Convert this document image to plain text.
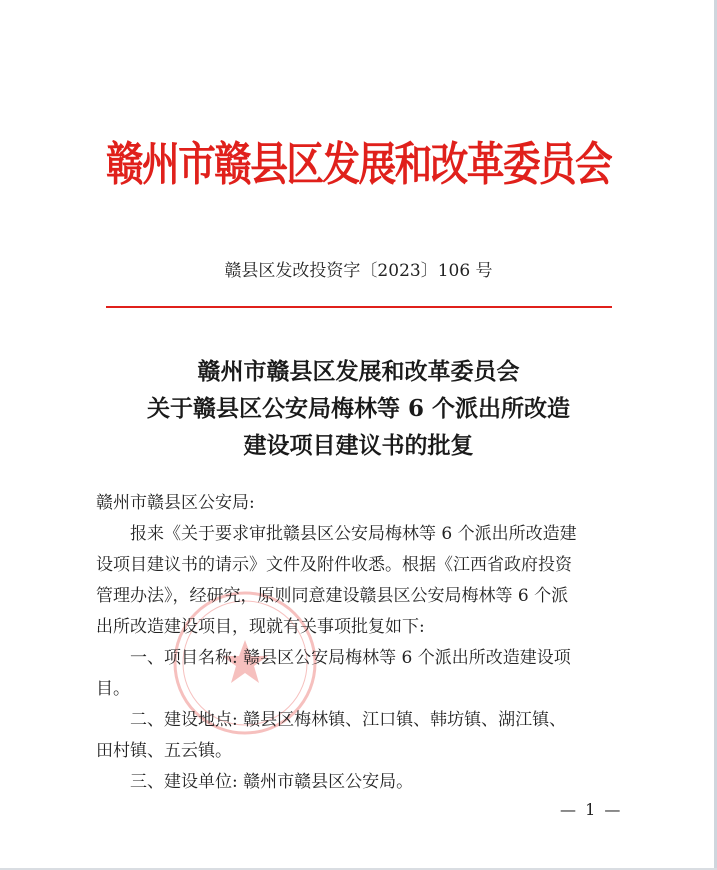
赣州市赣县区发展和改革委员会
赣县区发改投资字〔2023〕106 号
赣州市赣县区发展和改革委员会
关于赣县区公安局梅林等 6 个派出所改造
建设项目建议书的批复

赣州市赣县区公安局:

报来《关于要求审批赣县区公安局梅林等 6 个派出所改造建

设项目建议书的请示》文件及附件收悉。根据《江西省政府投资

管理办法》，经研究，原则同意建设赣县区公安局梅林等 6 个派

出所改造建设项目，现就有关事项批复如下:

一、项目名称: 赣县区公安局梅林等 6 个派出所改造建设项

目。

二、建设地点: 赣县区梅林镇、江口镇、韩坊镇、湖江镇、

田村镇、五云镇。

三、建设单位: 赣州市赣县区公安局。

— 1 —
